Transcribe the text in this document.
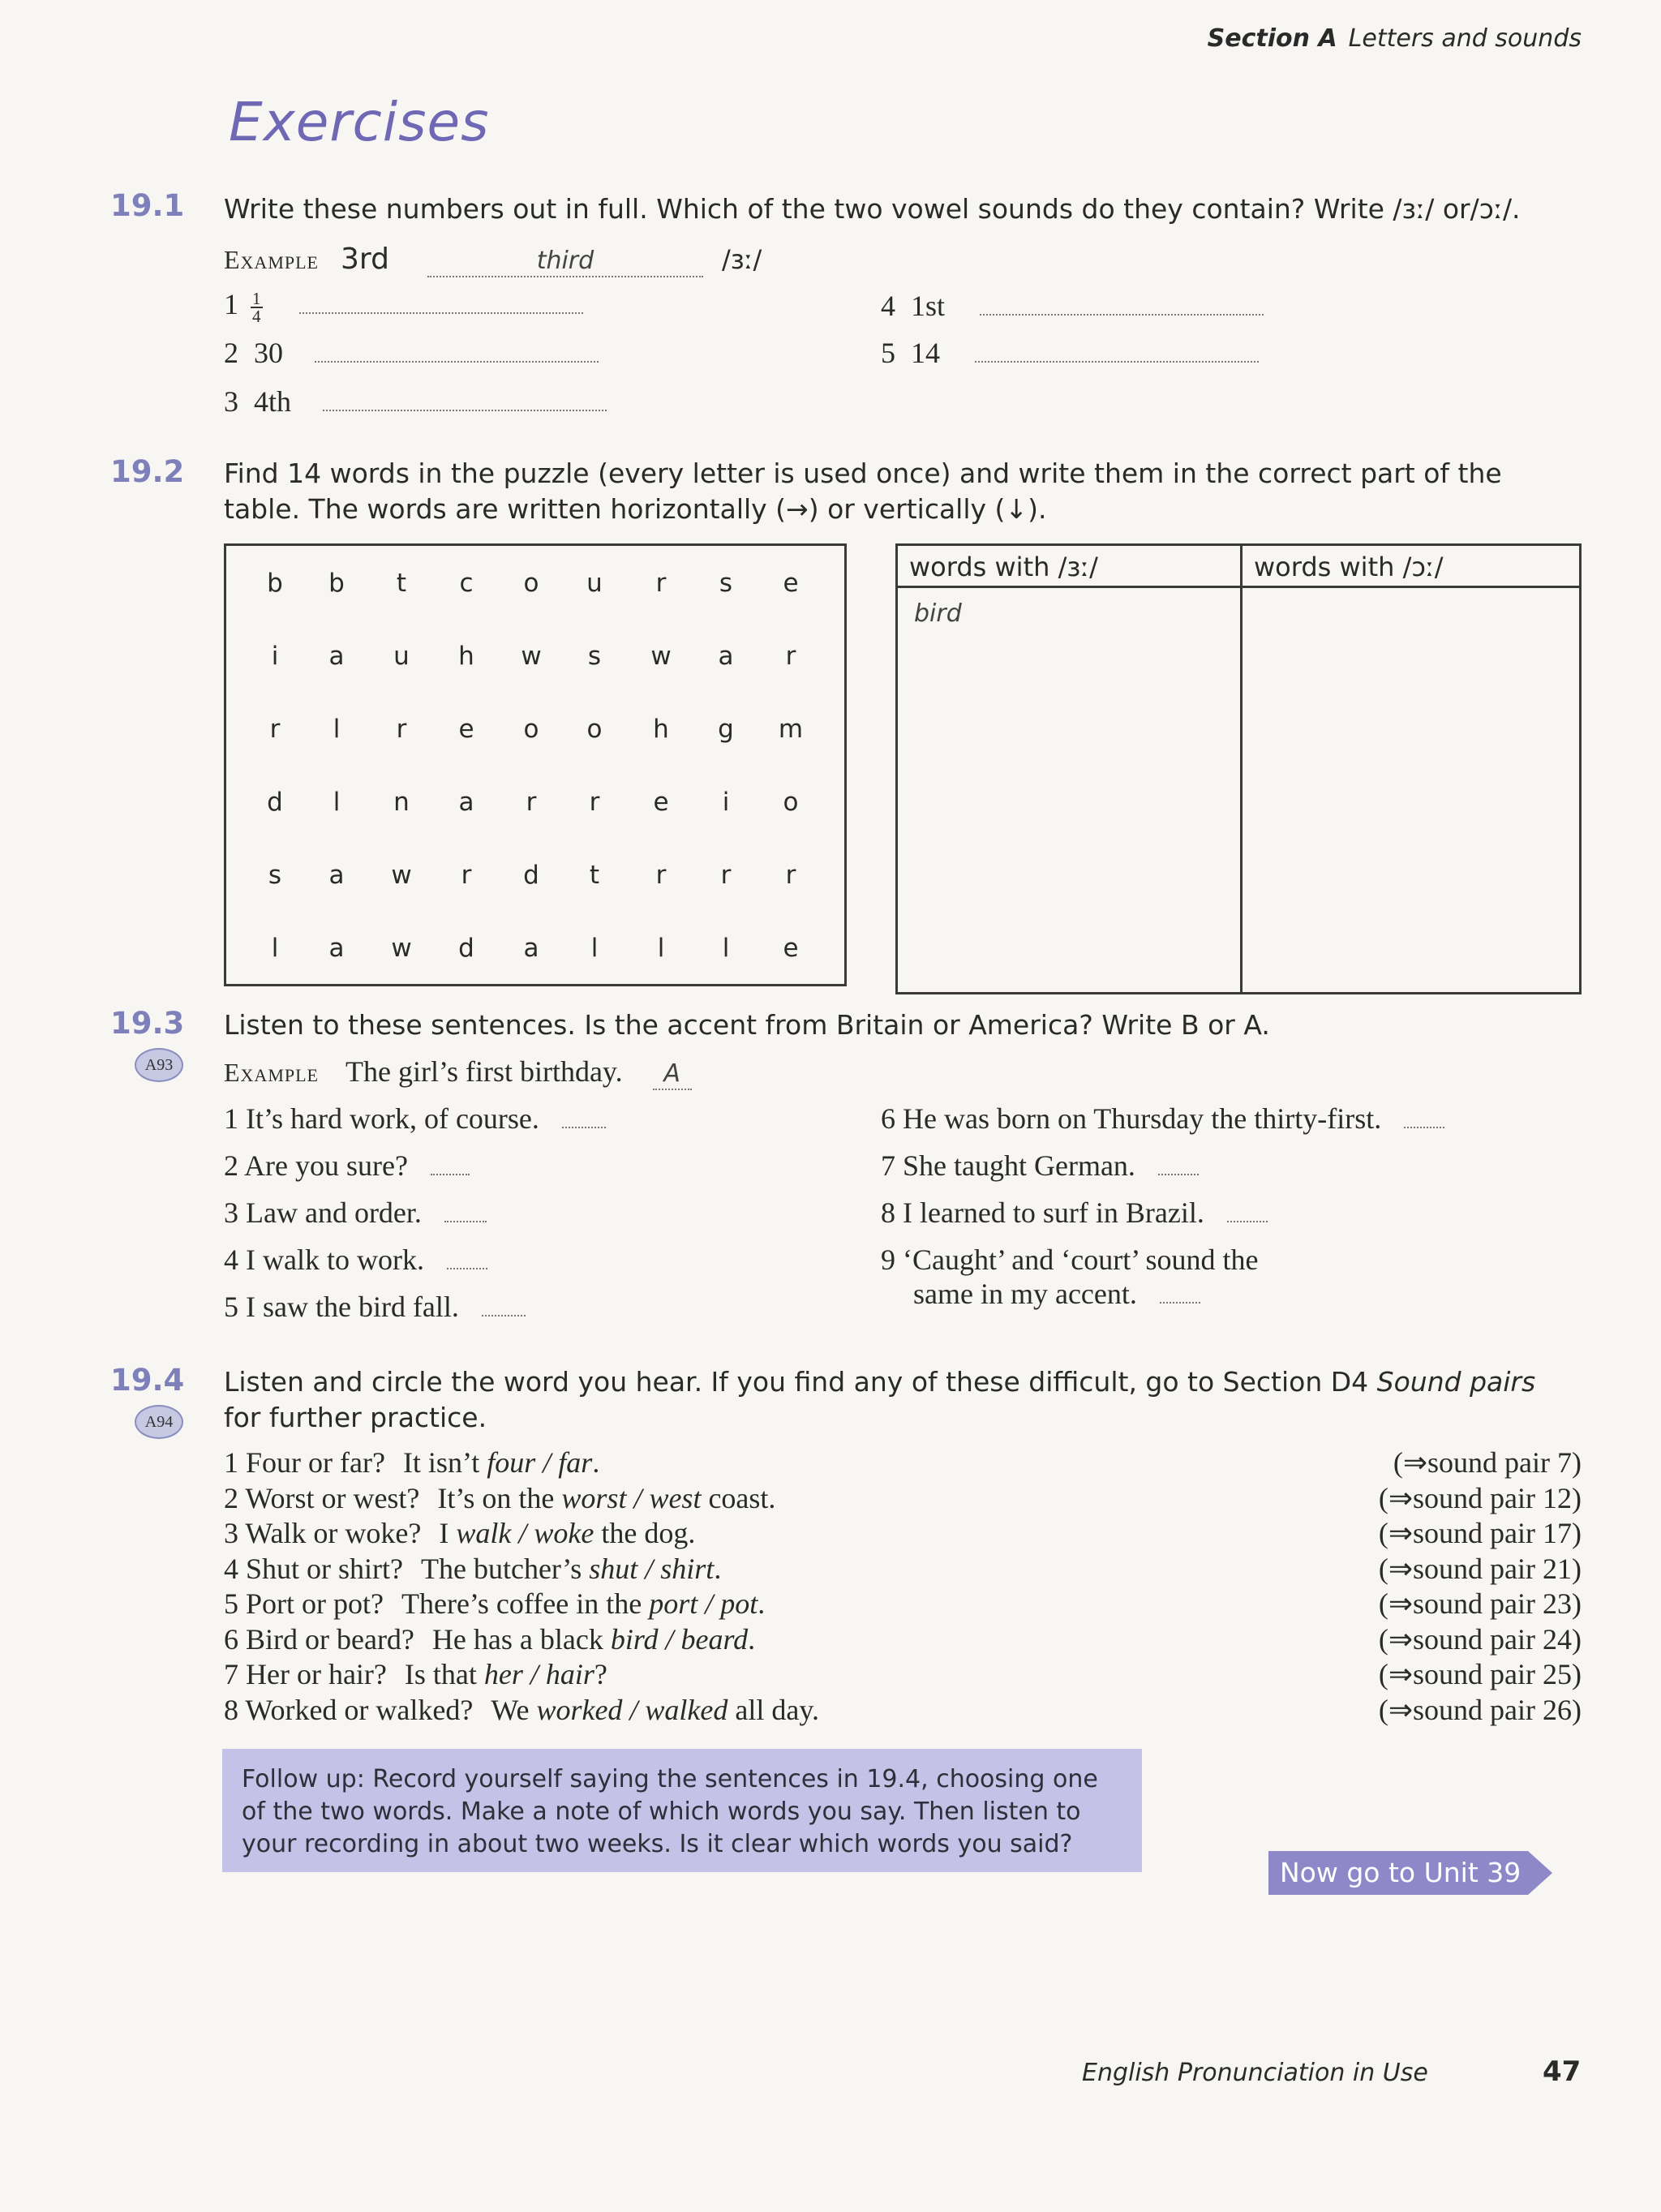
Section A Letters and sounds
Exercises
19.1 Write these numbers out in full. Which of the two vowel sounds do they contain? Write /ɜː/ or/ɔː/.
Example 3rd	third	/ɜː/
$1 \frac{1}{4}$

2 30
3 4th
4 1st
5 14
19.2 Find 14 words in the puzzle (every letter is used once) and write them in the correct part of the
table. The words are written horizontally (→) or vertically (↓).
b	b	t	c	o	u	r	s	e
i	a	u	h	w	s	w	a	r
r	l	r	e	o	o	h	g	m
d	l	n	a	r	r	e	i	o
s	a	w	r	d	t	r	r	r
l	a	w	d	a	l	l	l	e
words with /ɜː/	words with /ɔː/
bird
19.3
A93
Listen to these sentences. Is the accent from Britain or America? Write B or A.
Example The girl’s first birthday. A
1 It’s hard work, of course.
2 Are you sure?
3 Law and order.
4 I walk to work.
5 I saw the bird fall.
6 He was born on Thursday the thirty-first.
7 She taught German.
8 I learned to surf in Brazil.
9 ‘Caught’ and ‘court’ sound the
same in my accent.
19.4
A94
Listen and circle the word you hear. If you find any of these difficult, go to Section D4 Sound pairs
for further practice.
1 Four or far? It isn’t four / far.	(⇒sound pair 7)
2 Worst or west? It’s on the worst / west coast.	(⇒sound pair 12)
3 Walk or woke? I walk / woke the dog.	(⇒sound pair 17)
4 Shut or shirt? The butcher’s shut / shirt.	(⇒sound pair 21)
5 Port or pot? There’s coffee in the port / pot.	(⇒sound pair 23)
6 Bird or beard? He has a black bird / beard.	(⇒sound pair 24)
7 Her or hair? Is that her / hair?	(⇒sound pair 25)
8 Worked or walked? We worked / walked all day.	(⇒sound pair 26)
Follow up: Record yourself saying the sentences in 19.4, choosing one
of the two words. Make a note of which words you say. Then listen to
your recording in about two weeks. Is it clear which words you said?
Now go to Unit 39
English Pronunciation in Use	47
